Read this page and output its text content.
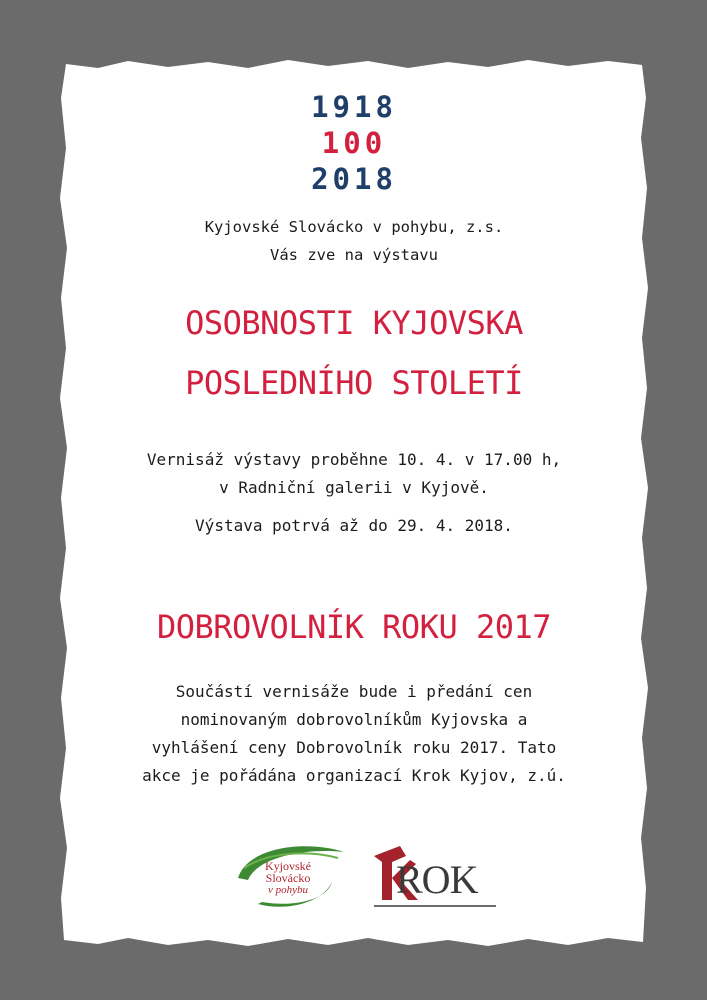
1918
100
2018
Kyjovské Slovácko v pohybu, z.s.
Vás zve na výstavu
OSOBNOSTI KYJOVSKA
POSLEDNÍHO STOLETÍ
Vernisáž výstavy proběhne 10. 4. v 17.00 h,
v Radniční galerii v Kyjově.
Výstava potrvá až do 29. 4. 2018.
DOBROVOLNÍK ROKU 2017
Součástí vernisáže bude i předání cen
nominovaným dobrovolníkům Kyjovska a
vyhlášení ceny Dobrovolník roku 2017. Tato
akce je pořádána organizací Krok Kyjov, z.ú.
Kyjovské
Slovácko
v pohybu	ROK
